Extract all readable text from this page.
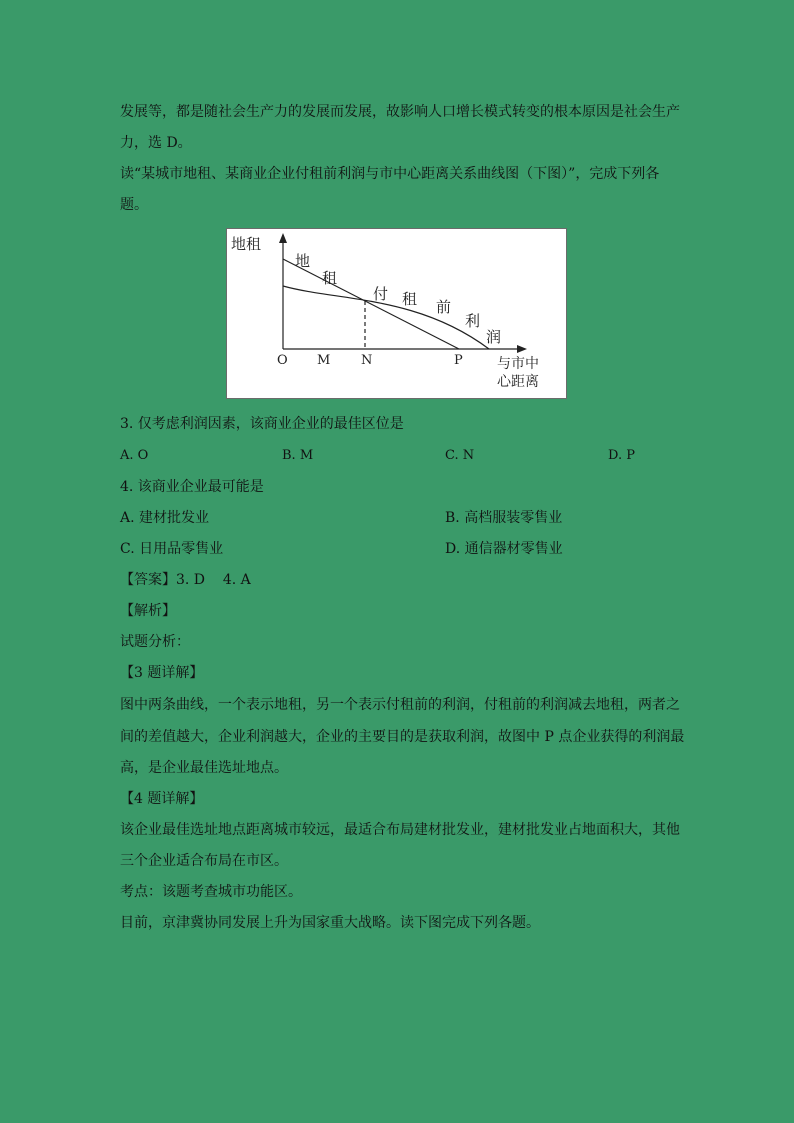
发展等，都是随社会生产力的发展而发展，故影响人口增长模式转变的根本原因是社会生产
力，选 D。
读“某城市地租、某商业企业付租前利润与市中心距离关系曲线图（下图）”，完成下列各
题。
地租
与市中
心距离
地
租
付 租 前
利
润
O M N	P
3. 仅考虑利润因素，该商业企业的最佳区位是
A. O	B. M	C. N	D. P
4. 该商业企业最可能是
A. 建材批发业	B. 高档服装零售业
C. 日用品零售业	D. 通信器材零售业
【答案】3. D    4. A
【解析】
试题分析：
【3 题详解】
图中两条曲线，一个表示地租，另一个表示付租前的利润，付租前的利润减去地租，两者之
间的差值越大，企业利润越大，企业的主要目的是获取利润，故图中 P 点企业获得的利润最
高，是企业最佳选址地点。
【4 题详解】
该企业最佳选址地点距离城市较远，最适合布局建材批发业，建材批发业占地面积大，其他
三个企业适合布局在市区。
考点：该题考查城市功能区。
目前，京津冀协同发展上升为国家重大战略。读下图完成下列各题。
